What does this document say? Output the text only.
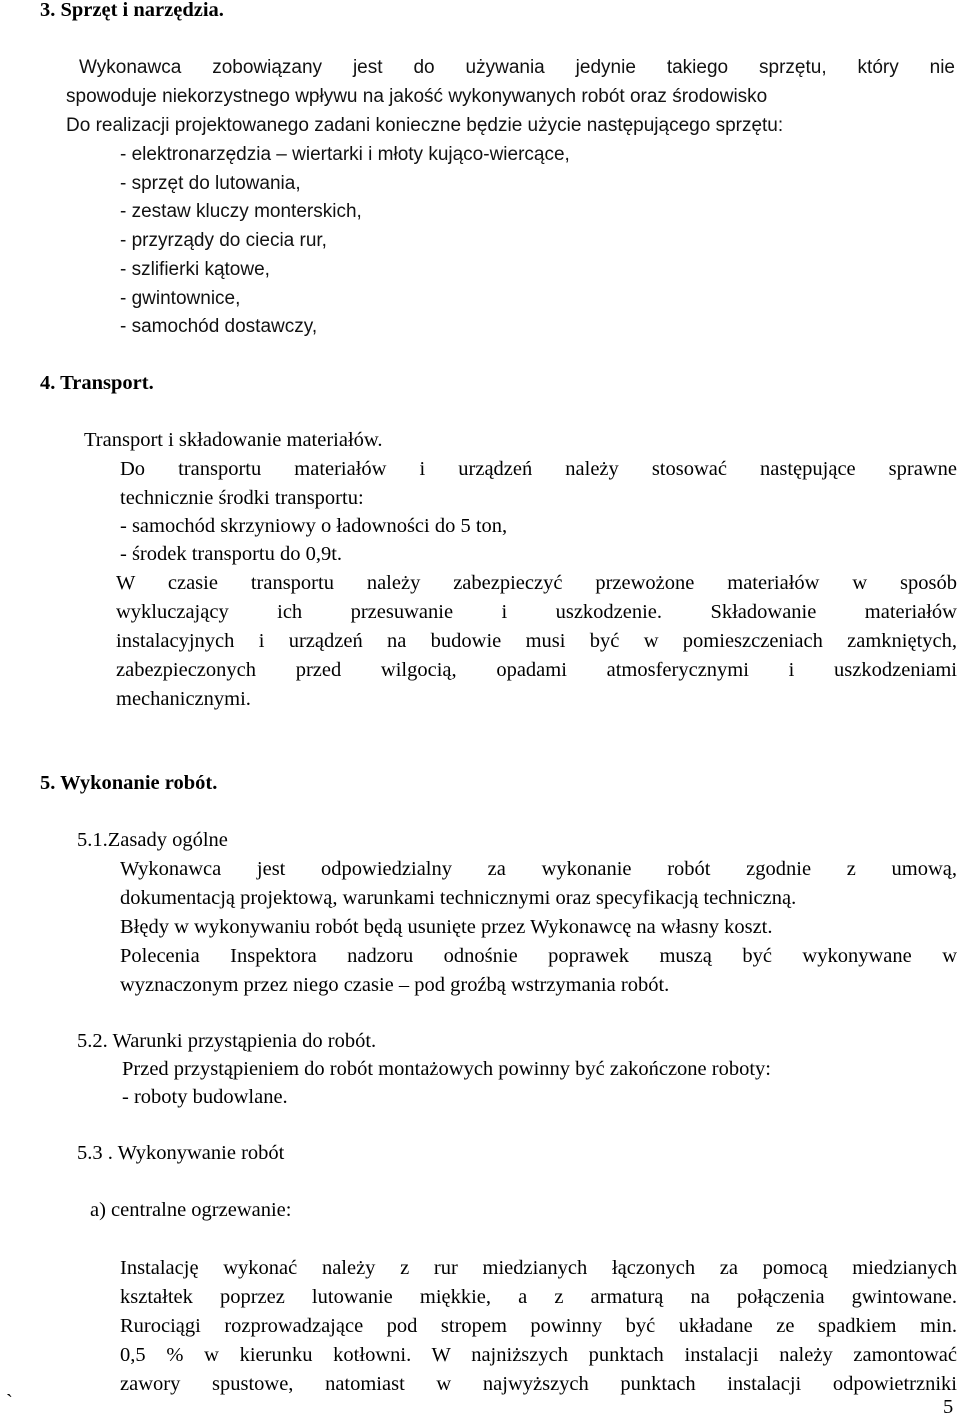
3. Sprzęt i narzędzia.
Wykonawca zobowiązany jest do używania jedynie takiego sprzętu, który nie
spowoduje niekorzystnego wpływu na jakość wykonywanych robót oraz środowisko
Do realizacji projektowanego zadani konieczne będzie użycie następującego sprzętu:
- elektronarzędzia – wiertarki i młoty kująco-wiercące,
- sprzęt do lutowania,
- zestaw kluczy monterskich,
- przyrządy do ciecia rur,
- szlifierki kątowe,
- gwintownice,
- samochód dostawczy,
4. Transport.
Transport i składowanie materiałów.
Do transportu materiałów i urządzeń należy stosować następujące sprawne
technicznie środki transportu:
- samochód skrzyniowy o ładowności do 5 ton,
- środek transportu do 0,9t.
W czasie transportu należy zabezpieczyć przewożone materiałów w sposób
wykluczający ich przesuwanie i uszkodzenie. Składowanie materiałów
instalacyjnych i urządzeń na budowie musi być w pomieszczeniach zamkniętych,
zabezpieczonych przed wilgocią, opadami atmosferycznymi i uszkodzeniami
mechanicznymi.
5. Wykonanie robót.
5.1.Zasady ogólne
Wykonawca jest odpowiedzialny za wykonanie robót zgodnie z umową,
dokumentacją projektową, warunkami technicznymi oraz specyfikacją techniczną.
Błędy w wykonywaniu robót będą usunięte przez Wykonawcę na własny koszt.
Polecenia Inspektora nadzoru odnośnie poprawek muszą być wykonywane w
wyznaczonym przez niego czasie – pod groźbą wstrzymania robót.
5.2. Warunki przystąpienia do robót.
Przed przystąpieniem do robót montażowych powinny być zakończone roboty:
- roboty budowlane.
5.3 . Wykonywanie robót
a) centralne ogrzewanie:
Instalację wykonać należy z rur miedzianych łączonych za pomocą miedzianych
kształtek poprzez lutowanie miękkie, a z armaturą na połączenia gwintowane.
Rurociągi rozprowadzające pod stropem powinny być układane ze spadkiem min.
0,5 % w kierunku kotłowni. W najniższych punktach instalacji należy zamontować
zawory spustowe, natomiast w najwyższych punktach instalacji odpowietrzniki
`	5
